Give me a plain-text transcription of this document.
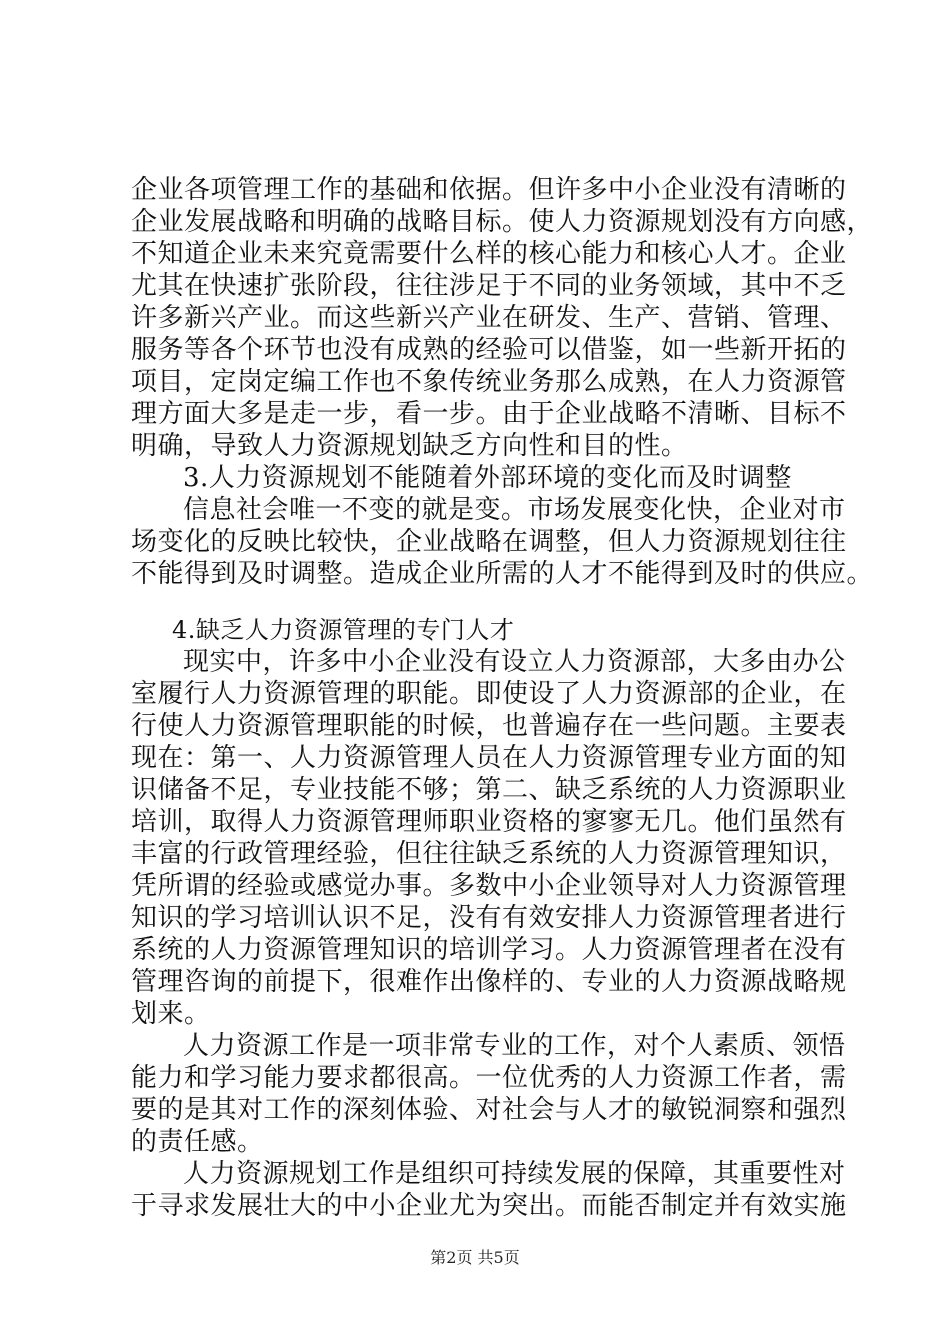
企业各项管理工作的基础和依据。但许多中小企业没有清晰的
企业发展战略和明确的战略目标。使人力资源规划没有方向感，
不知道企业未来究竟需要什么样的核心能力和核心人才。企业
尤其在快速扩张阶段，往往涉足于不同的业务领域，其中不乏
许多新兴产业。而这些新兴产业在研发、生产、营销、管理、
服务等各个环节也没有成熟的经验可以借鉴，如一些新开拓的
项目，定岗定编工作也不象传统业务那么成熟，在人力资源管
理方面大多是走一步，看一步。由于企业战略不清晰、目标不
明确，导致人力资源规划缺乏方向性和目的性。
3.人力资源规划不能随着外部环境的变化而及时调整
信息社会唯一不变的就是变。市场发展变化快，企业对市
场变化的反映比较快，企业战略在调整，但人力资源规划往往
不能得到及时调整。造成企业所需的人才不能得到及时的供应。
4.缺乏人力资源管理的专门人才
现实中，许多中小企业没有设立人力资源部，大多由办公
室履行人力资源管理的职能。即使设了人力资源部的企业，在
行使人力资源管理职能的时候，也普遍存在一些问题。主要表
现在：第一、人力资源管理人员在人力资源管理专业方面的知
识储备不足，专业技能不够；第二、缺乏系统的人力资源职业
培训，取得人力资源管理师职业资格的寥寥无几。他们虽然有
丰富的行政管理经验，但往往缺乏系统的人力资源管理知识，
凭所谓的经验或感觉办事。多数中小企业领导对人力资源管理
知识的学习培训认识不足，没有有效安排人力资源管理者进行
系统的人力资源管理知识的培训学习。人力资源管理者在没有
管理咨询的前提下，很难作出像样的、专业的人力资源战略规
划来。
人力资源工作是一项非常专业的工作，对个人素质、领悟
能力和学习能力要求都很高。一位优秀的人力资源工作者，需
要的是其对工作的深刻体验、对社会与人才的敏锐洞察和强烈
的责任感。
人力资源规划工作是组织可持续发展的保障，其重要性对
于寻求发展壮大的中小企业尤为突出。而能否制定并有效实施
第2页 共5页
